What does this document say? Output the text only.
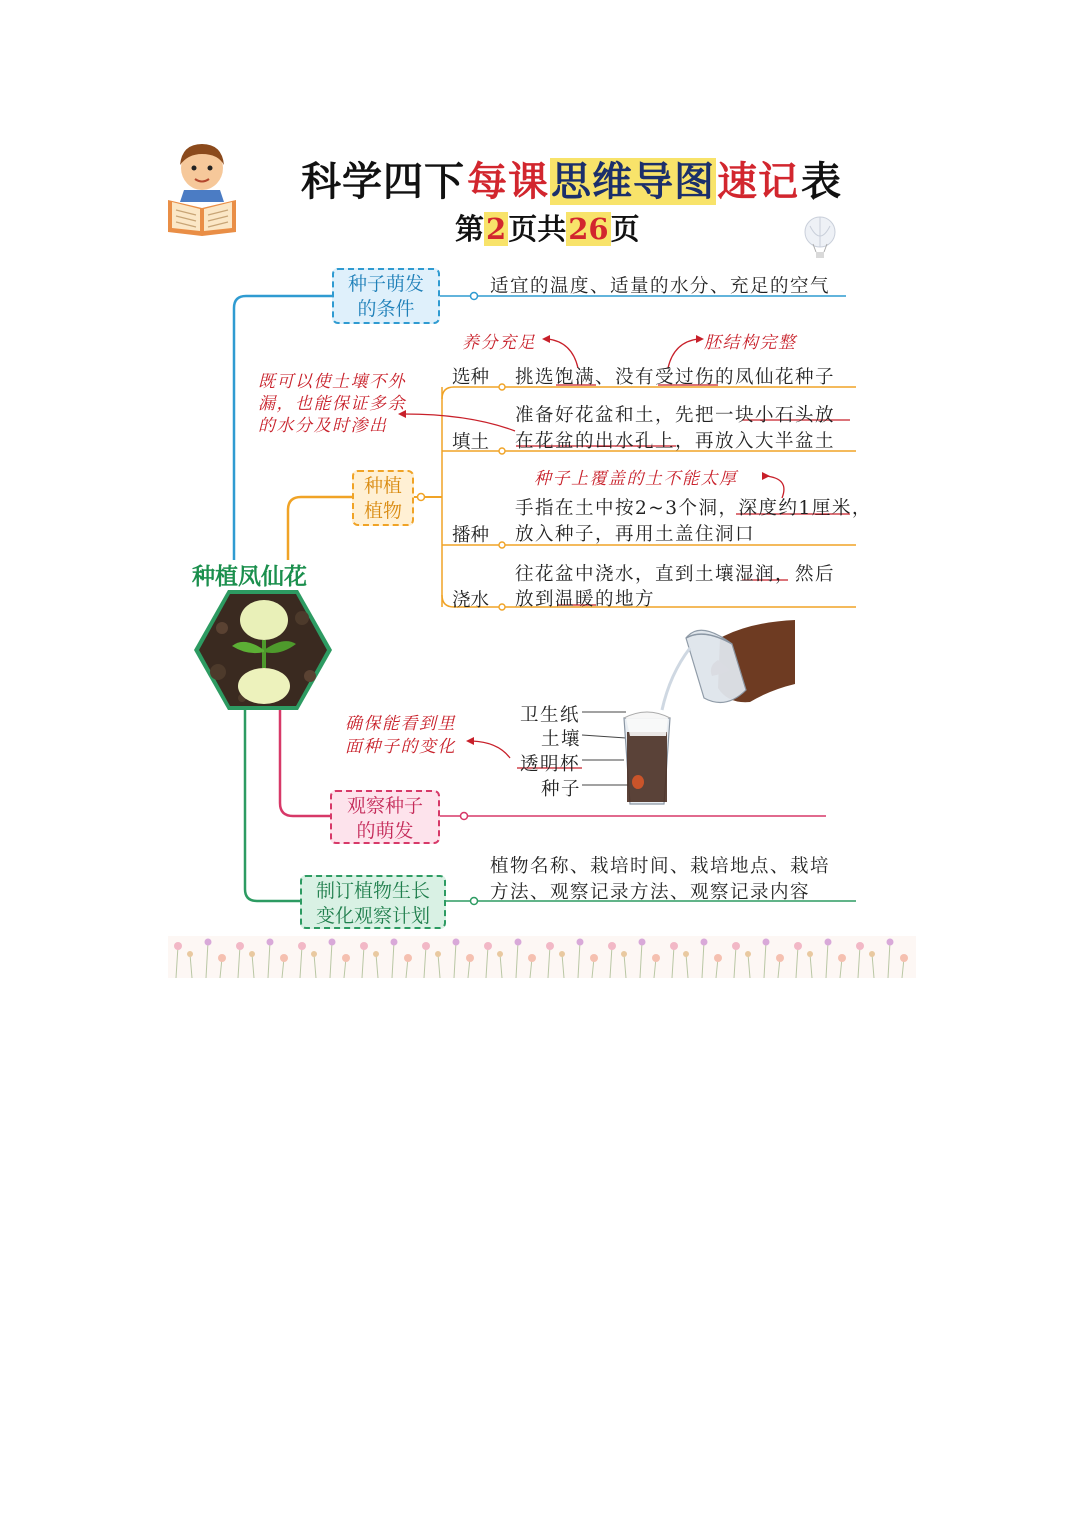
科学四下每课思维导图速记表
第2页共26页
种子萌发
的条件
适宜的温度、适量的水分、充足的空气
种植
植物
选种 挑选饱满、没有受过伤的凤仙花种子
填土
准备好花盆和土，先把一块小石头放
在花盆的出水孔上，再放入大半盆土
播种
手指在土中按2~3个洞，深度约1厘米，
放入种子，再用土盖住洞口
浇水
往花盆中浇水，直到土壤湿润，然后
放到温暖的地方
养分充足	胚结构完整
既可以使土壤不外
漏，也能保证多余
的水分及时渗出
种子上覆盖的土不能太厚
确保能看到里
面种子的变化
种植凤仙花
观察种子
的萌发
卫生纸
土壤
透明杯
种子
制订植物生长
变化观察计划
植物名称、栽培时间、栽培地点、栽培
方法、观察记录方法、观察记录内容
